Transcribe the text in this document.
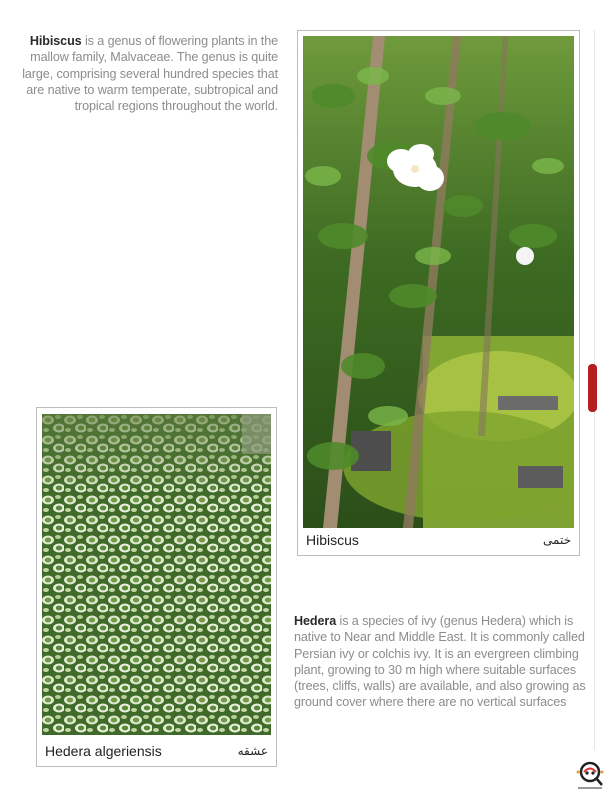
Hibiscus is a genus of flowering plants in the mallow family, Malvaceae. The genus is quite large, comprising several hundred species that are native to warm temperate, subtropical and tropical regions throughout the world.
Hibiscus	ختمی
Hedera algeriensis	عشقه
Hedera is a species of ivy (genus Hedera) which is native to Near and Middle East. It is commonly called Persian ivy or colchis ivy. It is an evergreen climbing plant, growing to 30 m high where suitable surfaces (trees, cliffs, walls) are available, and also growing as ground cover where there are no vertical surfaces
